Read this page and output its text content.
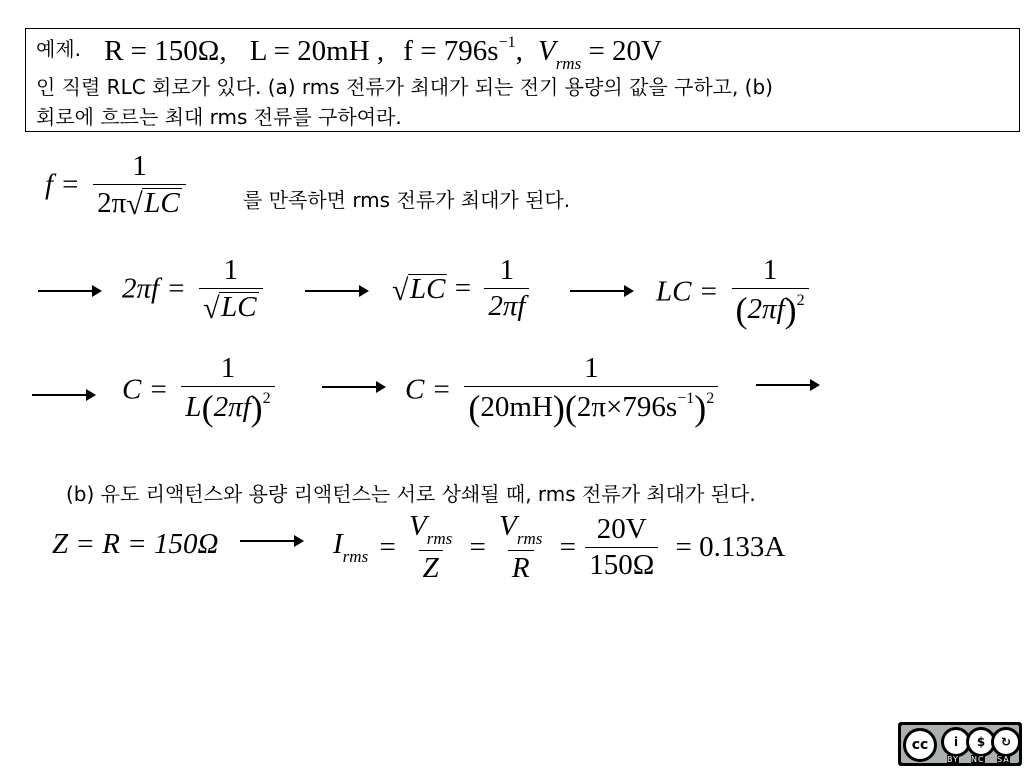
예제. R = 150Ω, L = 20mH , $f = 796s^{-1}$, $V_{rms} = 20V$
인 직렬 RLC 회로가 있다. (a) rms 전류가 최대가 되는 전기 용량의 값을 구하고, (b)
회로에 흐르는 최대 rms 전류를 구하여라.
$f = \frac{1}{2\pi √ LC}$	를 만족하면 rms 전류가 최대가 된다.
$2\pi f = \frac{1}{√ LC}$	√ LC = $\frac{1}{2\pi f}$	LC = $\frac{1}{(2\pi f)^2}$
$C = \frac{1}{L(2\pi f)^2}$	$C = \frac{1}{(20mH)(2\pi\times 796s^{-1})^2}$
(b) 유도 리액턴스와 용량 리액턴스는 서로 상쇄될 때, rms 전류가 최대가 된다.
Z = R = 150Ω	$I_{rms} = \frac{V_{rms}}{Z} = \frac{V_{rms}}{R} = \frac{20V}{150\Omega} = 0.133A$
cc	i	$	↻
BY NC SA
